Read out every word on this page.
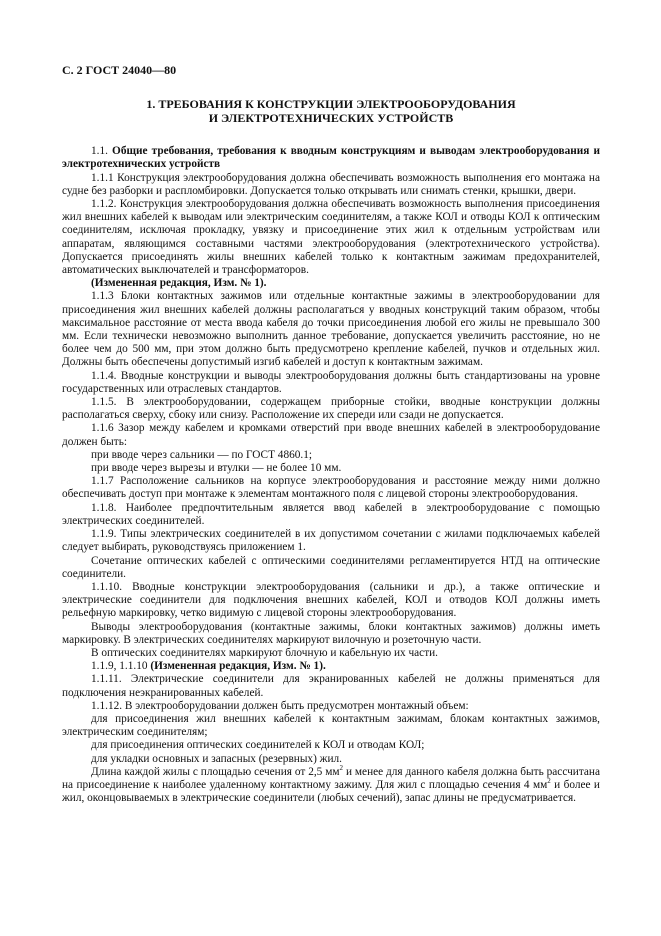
С. 2 ГОСТ 24040—80
1. ТРЕБОВАНИЯ К КОНСТРУКЦИИ ЭЛЕКТРООБОРУДОВАНИЯ
И ЭЛЕКТРОТЕХНИЧЕСКИХ УСТРОЙСТВ

1.1. Общие требования, требования к вводным конструкциям и выводам электрооборудования и электротехнических устройств

1.1.1 Конструкция электрооборудования должна обеспечивать возможность выполнения его монтажа на судне без разборки и распломбировки. Допускается только открывать или снимать стенки, крышки, двери.

1.1.2. Конструкция электрооборудования должна обеспечивать возможность выполнения присоединения жил внешних кабелей к выводам или электрическим соединителям, а также КОЛ и отводы КОЛ к оптическим соединителям, исключая прокладку, увязку и присоединение этих жил к отдельным устройствам или аппаратам, являющимся составными частями электрооборудования (электротехнического устройства). Допускается присоединять жилы внешних кабелей только к контактным зажимам предохранителей, автоматических выключателей и трансформаторов.

(Измененная редакция, Изм. № 1).

1.1.3 Блоки контактных зажимов или отдельные контактные зажимы в электрооборудовании для присоединения жил внешних кабелей должны располагаться у вводных конструкций таким образом, чтобы максимальное расстояние от места ввода кабеля до точки присоединения любой его жилы не превышало 300 мм. Если технически невозможно выполнить данное требование, допускается увеличить расстояние, но не более чем до 500 мм, при этом должно быть предусмотрено крепление кабелей, пучков и отдельных жил. Должны быть обеспечены допустимый изгиб кабелей и доступ к контактным зажимам.

1.1.4. Вводные конструкции и выводы электрооборудования должны быть стандартизованы на уровне государственных или отраслевых стандартов.

1.1.5. В электрооборудовании, содержащем приборные стойки, вводные конструкции должны располагаться сверху, сбоку или снизу. Расположение их спереди или сзади не допускается.

1.1.6 Зазор между кабелем и кромками отверстий при вводе внешних кабелей в электрооборудование должен быть:

при вводе через сальники — по ГОСТ 4860.1;

при вводе через вырезы и втулки — не более 10 мм.

1.1.7 Расположение сальников на корпусе электрооборудования и расстояние между ними должно обеспечивать доступ при монтаже к элементам монтажного поля с лицевой стороны электрооборудования.

1.1.8. Наиболее предпочтительным является ввод кабелей в электрооборудование с помощью электрических соединителей.

1.1.9. Типы электрических соединителей в их допустимом сочетании с жилами подключаемых кабелей следует выбирать, руководствуясь приложением 1.

Сочетание оптических кабелей с оптическими соединителями регламентируется НТД на оптические соединители.

1.1.10. Вводные конструкции электрооборудования (сальники и др.), а также оптические и электрические соединители для подключения внешних кабелей, КОЛ и отводов КОЛ должны иметь рельефную маркировку, четко видимую с лицевой стороны электрооборудования.

Выводы электрооборудования (контактные зажимы, блоки контактных зажимов) должны иметь маркировку. В электрических соединителях маркируют вилочную и розеточную части.

В оптических соединителях маркируют блочную и кабельную их части.

1.1.9, 1.1.10 (Измененная редакция, Изм. № 1).

1.1.11. Электрические соединители для экранированных кабелей не должны применяться для подключения неэкранированных кабелей.

1.1.12. В электрооборудовании должен быть предусмотрен монтажный объем:

для присоединения жил внешних кабелей к контактным зажимам, блокам контактных зажимов, электрическим соединителям;

для присоединения оптических соединителей к КОЛ и отводам КОЛ;

для укладки основных и запасных (резервных) жил.

Длина каждой жилы с площадью сечения от 2,5 $мм^2$ и менее для данного кабеля должна быть рассчитана на присоединение к наиболее удаленному контактному зажиму. Для жил с площадью сечения 4 $мм^2$ и более и жил, оконцовываемых в электрические соединители (любых сечений), запас длины не предусматривается.
